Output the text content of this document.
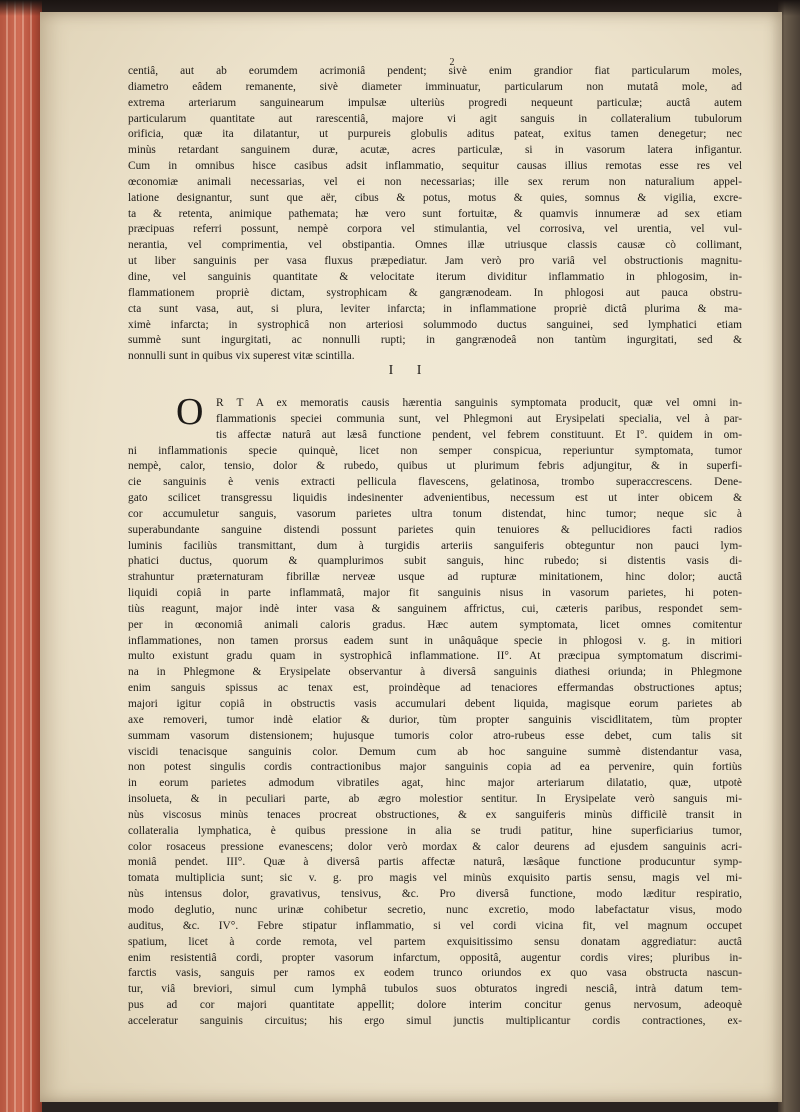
2
centiâ, aut ab eorumdem acrimoniâ pendent; sivè enim grandior fiat particularum moles,
diametro eâdem remanente, sivè diameter imminuatur, particularum non mutatâ mole, ad
extrema arteriarum sanguinearum impulsæ ulteriùs progredi nequeunt particulæ; auctâ autem
particularum quantitate aut rarescentiâ, majore vi agit sanguis in collateralium tubulorum
orificia, quæ ita dilatantur, ut purpureis globulis aditus pateat, exitus tamen denegetur; nec
minùs retardant sanguinem duræ, acutæ, acres particulæ, si in vasorum latera infigantur.
Cum in omnibus hisce casibus adsit inflammatio, sequitur causas illius remotas esse res vel
œconomiæ animali necessarias, vel ei non necessarias; ille sex rerum non naturalium appel-
latione designantur, sunt que aër, cibus & potus, motus & quies, somnus & vigilia, excre-
ta & retenta, animique pathemata; hæ vero sunt fortuitæ, & quamvis innumeræ ad sex etiam
præcipuas referri possunt, nempè corpora vel stimulantia, vel corrosiva, vel urentia, vel vul-
nerantia, vel comprimentia, vel obstipantia. Omnes illæ utriusque classis causæ cò collimant,
ut liber sanguinis per vasa fluxus præpediatur. Jam verò pro variâ vel obstructionis magnitu-
dine, vel sanguinis quantitate & velocitate iterum dividitur inflammatio in phlogosim, in-
flammationem propriè dictam, systrophicam & gangrænodeam. In phlogosi aut pauca obstru-
cta sunt vasa, aut, si plura, leviter infarcta; in inflammatione propriè dictâ plurima & ma-
ximè infarcta; in systrophicâ non arteriosi solummodo ductus sanguinei, sed lymphatici etiam
summè sunt ingurgitati, ac nonnulli rupti; in gangrænodeâ non tantùm ingurgitati, sed &
nonnulli sunt in quibus vix superest vitæ scintilla.
I I
O R T A ex memoratis causis hærentia sanguinis symptomata producit, quæ vel omni in-
flammationis speciei communia sunt, vel Phlegmoni aut Erysipelati specialia, vel à par-
tis affectæ naturâ aut læsâ functione pendent, vel febrem constituunt. Et I°. quidem in om-
ni inflammationis specie quinquè, licet non semper conspicua, reperiuntur symptomata, tumor
nempè, calor, tensio, dolor & rubedo, quibus ut plurimum febris adjungitur, & in superfi-
cie sanguinis è venis extracti pellicula flavescens, gelatinosa, trombo superaccrescens. Dene-
gato scilicet transgressu liquidis indesinenter advenientibus, necessum est ut inter obicem &
cor accumuletur sanguis, vasorum parietes ultra tonum distendat, hinc tumor; neque sic à
superabundante sanguine distendi possunt parietes quin tenuiores & pellucidiores facti radios
luminis faciliùs transmittant, dum à turgidis arteriis sanguiferis obteguntur non pauci lym-
phatici ductus, quorum & quamplurimos subit sanguis, hinc rubedo; si distentis vasis di-
strahuntur præternaturam fibrillæ nerveæ usque ad rupturæ minitationem, hinc dolor; auctâ
liquidi copiâ in parte inflammatâ, major fit sanguinis nisus in vasorum parietes, hi poten-
tiùs reagunt, major indè inter vasa & sanguinem affrictus, cui, cæteris paribus, respondet sem-
per in œconomiâ animali caloris gradus. Hæc autem symptomata, licet omnes comitentur
inflammationes, non tamen prorsus eadem sunt in unâquâque specie in phlogosi v. g. in mitiori
multo existunt gradu quam in systrophicâ inflammatione. II°. At præcipua symptomatum discrimi-
na in Phlegmone & Erysipelate observantur à diversâ sanguinis diathesi oriunda; in Phlegmone
enim sanguis spissus ac tenax est, proindèque ad tenaciores effermandas obstructiones aptus;
majori igitur copiâ in obstructis vasis accumulari debent liquida, magisque eorum parietes ab
axe removeri, tumor indè elatior & durior, tùm propter sanguinis viscidlitatem, tùm propter
summam vasorum distensionem; hujusque tumoris color atro-rubeus esse debet, cum talis sit
viscidi tenacisque sanguinis color. Demum cum ab hoc sanguine summè distendantur vasa,
non potest singulis cordis contractionibus major sanguinis copia ad ea pervenire, quin fortiùs
in eorum parietes admodum vibratiles agat, hinc major arteriarum dilatatio, quæ, utpotè
insolueta, & in peculiari parte, ab ægro molestior sentitur. In Erysipelate verò sanguis mi-
nùs viscosus minùs tenaces procreat obstructiones, & ex sanguiferis minùs difficilè transit in
collateralia lymphatica, è quibus pressione in alia se trudi patitur, hine superficiarius tumor,
color rosaceus pressione evanescens; dolor verò mordax & calor deurens ad ejusdem sanguinis acri-
moniâ pendet. III°. Quæ à diversâ partis affectæ naturâ, læsâque functione producuntur symp-
tomata multiplicia sunt; sic v. g. pro magis vel minùs exquisito partis sensu, magis vel mi-
nùs intensus dolor, gravativus, tensivus, &c. Pro diversâ functione, modo læditur respiratio,
modo deglutio, nunc urinæ cohibetur secretio, nunc excretio, modo labefactatur visus, modo
auditus, &c. IV°. Febre stipatur inflammatio, si vel cordi vicina fit, vel magnum occupet
spatium, licet à corde remota, vel partem exquisitissimo sensu donatam aggrediatur: auctâ
enim resistentiâ cordi, propter vasorum infarctum, oppositâ, augentur cordis vires; pluribus in-
farctis vasis, sanguis per ramos ex eodem trunco oriundos ex quo vasa obstructa nascun-
tur, viâ breviori, simul cum lymphâ tubulos suos obturatos ingredi nesciâ, intrà datum tem-
pus ad cor majori quantitate appellit; dolore interim concitur genus nervosum, adeoquè
acceleratur sanguinis circuitus; his ergo simul junctis multiplicantur cordis contractiones, ex-
